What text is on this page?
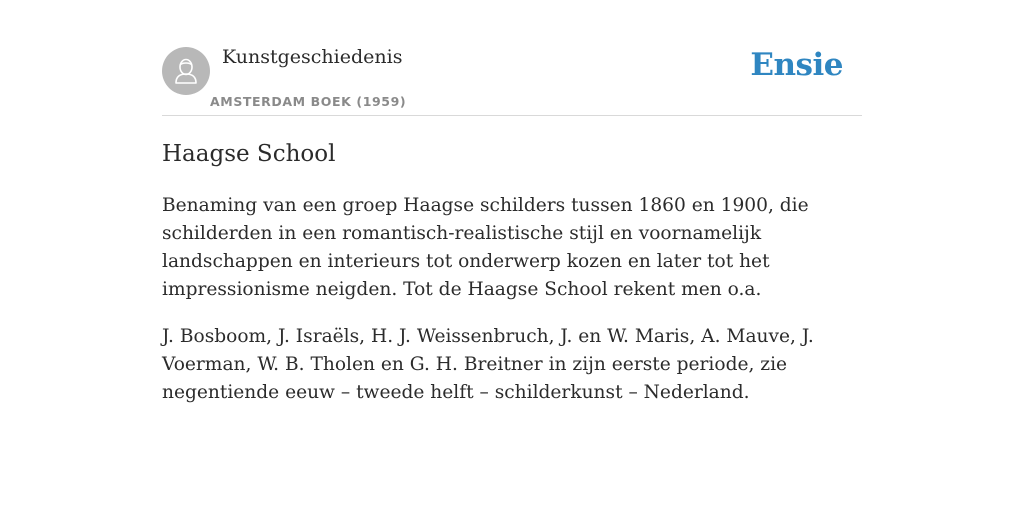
Kunstgeschiedenis
AMSTERDAM BOEK (1959)
Ensie
Haagse School

Benaming van een groep Haagse schilders tussen 1860 en 1900, die schilderden in een romantisch-realistische stijl en voornamelijk landschappen en interieurs tot onderwerp kozen en later tot het impressionisme neigden. Tot de Haagse School rekent men o.a.

J. Bosboom, J. Israëls, H. J. Weissenbruch, J. en W. Maris, A. Mauve, J. Voerman, W. B. Tholen en G. H. Breitner in zijn eerste periode, zie negentiende eeuw – tweede helft – schilderkunst – Nederland.
